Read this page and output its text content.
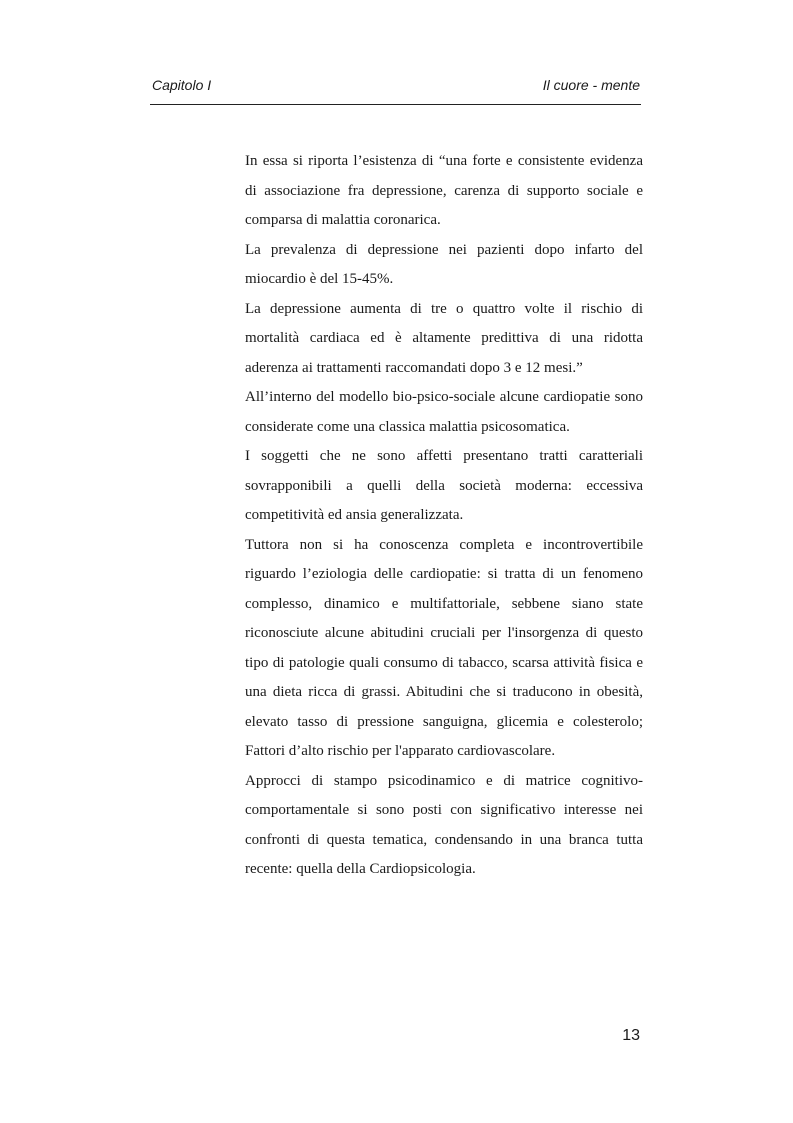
Capitolo I	Il cuore - mente

In essa si riporta l’esistenza di “una forte e consistente evidenza di associazione fra depressione, carenza di supporto sociale e comparsa di malattia coronarica.

La prevalenza di depressione nei pazienti dopo infarto del miocardio è del 15-45%.

La depressione aumenta di tre o quattro volte il rischio di mortalità cardiaca ed è altamente predittiva di una ridotta aderenza ai trattamenti raccomandati dopo 3 e 12 mesi.”

All’interno del modello bio-psico-sociale alcune cardiopatie sono considerate come una classica malattia psicosomatica.

I soggetti che ne sono affetti presentano tratti caratteriali sovrapponibili a quelli della società moderna: eccessiva competitività ed ansia generalizzata.

Tuttora non si ha conoscenza completa e incontrovertibile riguardo l’eziologia delle cardiopatie: si tratta di un fenomeno complesso, dinamico e multifattoriale, sebbene siano state riconosciute alcune abitudini cruciali per l'insorgenza di questo tipo di patologie quali consumo di tabacco, scarsa attività fisica e una dieta ricca di grassi. Abitudini che si traducono in obesità, elevato tasso di pressione sanguigna, glicemia e colesterolo; Fattori d’alto rischio per l'apparato cardiovascolare.

Approcci di stampo psicodinamico e di matrice cognitivo-comportamentale si sono posti con significativo interesse nei confronti di questa tematica, condensando in una branca tutta recente: quella della Cardiopsicologia.

13
